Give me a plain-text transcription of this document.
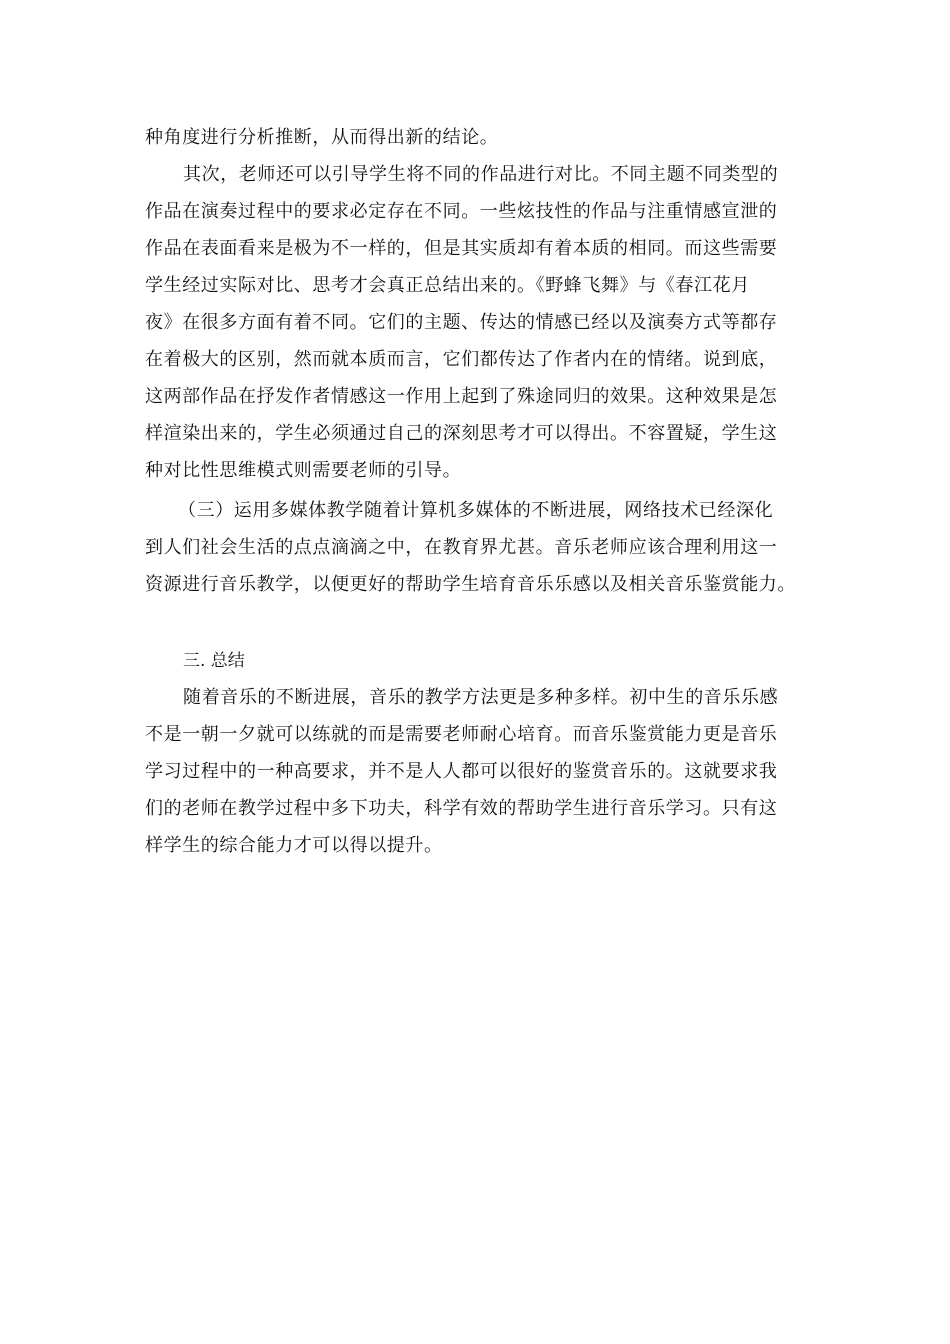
种角度进行分析推断，从而得出新的结论。
其次，老师还可以引导学生将不同的作品进行对比。不同主题不同类型的
作品在演奏过程中的要求必定存在不同。一些炫技性的作品与注重情感宣泄的
作品在表面看来是极为不一样的，但是其实质却有着本质的相同。而这些需要
学生经过实际对比、思考才会真正总结出来的。《野蜂飞舞》与《春江花月
夜》在很多方面有着不同。它们的主题、传达的情感已经以及演奏方式等都存
在着极大的区别，然而就本质而言，它们都传达了作者内在的情绪。说到底，
这两部作品在抒发作者情感这一作用上起到了殊途同归的效果。这种效果是怎
样渲染出来的，学生必须通过自己的深刻思考才可以得出。不容置疑，学生这
种对比性思维模式则需要老师的引导。
（三）运用多媒体教学随着计算机多媒体的不断进展，网络技术已经深化
到人们社会生活的点点滴滴之中，在教育界尤甚。音乐老师应该合理利用这一
资源进行音乐教学，以便更好的帮助学生培育音乐乐感以及相关音乐鉴赏能力。
三. 总结
随着音乐的不断进展，音乐的教学方法更是多种多样。初中生的音乐乐感
不是一朝一夕就可以练就的而是需要老师耐心培育。而音乐鉴赏能力更是音乐
学习过程中的一种高要求，并不是人人都可以很好的鉴赏音乐的。这就要求我
们的老师在教学过程中多下功夫，科学有效的帮助学生进行音乐学习。只有这
样学生的综合能力才可以得以提升。
